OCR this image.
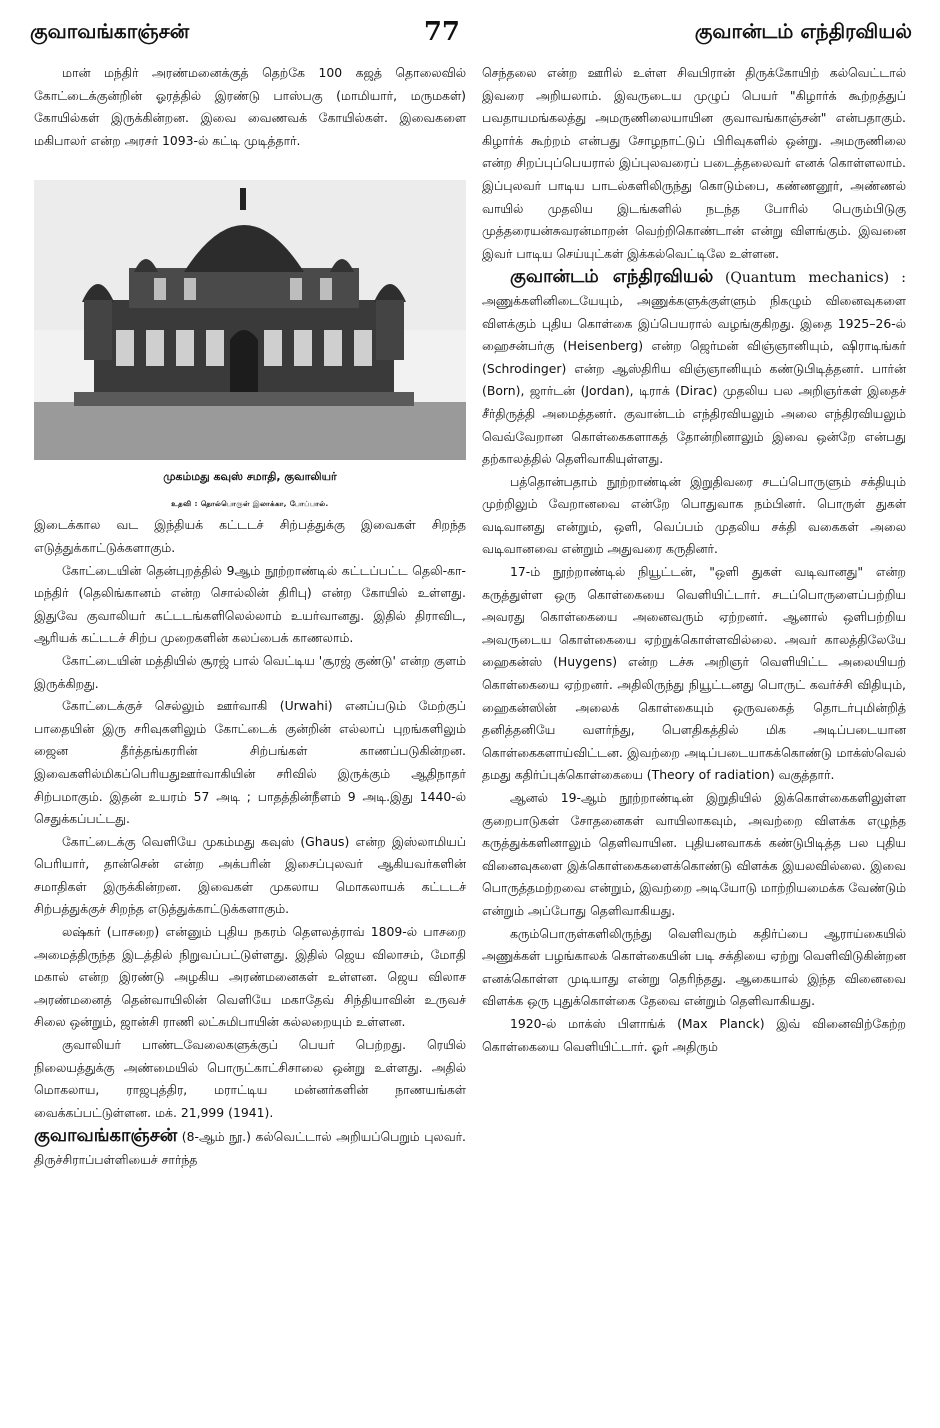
குவாவங்காஞ்சன்	77	குவான்டம் எந்திரவியல்

மான் மந்திர் அரண்மனைக்குத் தெற்கே 100 கஜத் தொலைவில் கோட்டைக்குன்றின் ஓரத்தில் இரண்டு பாஸ்பகு (மாமியார், மருமகள்) கோயில்கள் இருக்கின்றன. இவை வைணவக் கோயில்கள். இவைகளை மகிபாலர் என்ற அரசர் 1093-ல் கட்டி முடித்தார்.

முகம்மது கவுஸ் சமாதி, குவாலியர்
உதவி : தொல்பொருள் இலாக்கா, போப்பால்.

இடைக்கால வட இந்தியக் கட்டடச் சிற்பத்துக்கு இவைகள் சிறந்த எடுத்துக்காட்டுக்களாகும்.

கோட்டையின் தென்புறத்தில் 9ஆம் நூற்றாண்டில் கட்டப்பட்ட தெலி-கா-மந்திர் (தெலிங்கானம் என்ற சொல்லின் திரிபு) என்ற கோயில் உள்ளது. இதுவே குவாலியர் கட்டடங்களிலெல்லாம் உயர்வானது. இதில் திராவிட, ஆரியக் கட்டடச் சிற்ப முறைகளின் கலப்பைக் காணலாம்.

கோட்டையின் மத்தியில் சூரஜ் பால் வெட்டிய 'சூரஜ் குண்டு' என்ற குளம் இருக்கிறது.

கோட்டைக்குச் செல்லும் ஊர்வாகி (Urwahi) எனப்படும் மேற்குப் பாதையின் இரு சரிவுகளிலும் கோட்டைக் குன்றின் எல்லாப் புறங்களிலும் ஜைன தீர்த்தங்கரரின் சிற்பங்கள் காணப்படுகின்றன. இவைகளில்மிகப்பெரியதுஊர்வாகியின் சரிவில் இருக்கும் ஆதிநாதர் சிற்பமாகும். இதன் உயரம் 57 அடி ; பாதத்தின்நீளம் 9 அடி.இது 1440-ல் செதுக்கப்பட்டது.

கோட்டைக்கு வெளியே முகம்மது கவுஸ் (Ghaus) என்ற இஸ்லாமியப் பெரியார், தான்சென் என்ற அக்பரின் இசைப்புலவர் ஆகியவர்களின் சமாதிகள் இருக்கின்றன. இவைகள் முகலாய மொகலாயக் கட்டடச் சிற்பத்துக்குச் சிறந்த எடுத்துக்காட்டுக்களாகும்.

லஷ்கர் (பாசறை) என்னும் புதிய நகரம் தௌலத்ராவ் 1809-ல் பாசறை அமைத்திருந்த இடத்தில் நிறுவப்பட்டுள்ளது. இதில் ஜெய விலாசம், மோதி மகால் என்ற இரண்டு அழகிய அரண்மனைகள் உள்ளன. ஜெய விலாச அரண்மனைத் தென்வாயிலின் வெளியே மகாதேவ் சிந்தியாவின் உருவச் சிலை ஒன்றும், ஜான்சி ராணி லட்சுமிபாயின் கல்லறையும் உள்ளன.

குவாலியர் பாண்டவேலைகளுக்குப் பெயர் பெற்றது. ரெயில் நிலையத்துக்கு அண்மையில் பொருட்காட்சிசாலை ஒன்று உள்ளது. அதில் மொகலாய, ராஜபுத்திர, மராட்டிய மன்னர்களின் நாணயங்கள் வைக்கப்பட்டுள்ளன. மக். 21,999 (1941).

குவாவங்காஞ்சன் (8-ஆம் நூ.) கல்வெட்டால் அறியப்பெறும் புலவர். திருச்சிராப்பள்ளியைச் சார்ந்த

செந்தலை என்ற ஊரில் உள்ள சிவபிரான் திருக்கோயிற் கல்வெட்டால் இவரை அறியலாம். இவருடைய முழுப் பெயர் "கிழார்க் கூற்றத்துப் பவதாயமங்கலத்து அமருணிலையாயின குவாவங்காஞ்சன்" என்பதாகும். கிழார்க் கூற்றம் என்பது சோழநாட்டுப் பிரிவுகளில் ஒன்று. அமருணிலை என்ற சிறப்புப்பெயரால் இப்புலவரைப் படைத்தலைவர் எனக் கொள்ளலாம். இப்புலவர் பாடிய பாடல்களிலிருந்து கொடும்பை, கண்ணனூர், அண்ணல் வாயில் முதலிய இடங்களில் நடந்த போரில் பெரும்பிடுகு முத்தரையன்சுவரன்மாறன் வெற்றிகொண்டான் என்று விளங்கும். இவனை இவர் பாடிய செய்யுட்கள் இக்கல்வெட்டிலே உள்ளன.

குவான்டம் எந்திரவியல் (Quantum mechanics) : அணுக்களினிடையேயும், அணுக்களுக்குள்ளும் நிகழும் வினைவுகளை விளக்கும் புதிய கொள்கை இப்பெயரால் வழங்குகிறது. இதை 1925–26-ல் ஹைசன்பர்கு (Heisenberg) என்ற ஜெர்மன் விஞ்ஞானியும், ஷிராடிங்கர் (Schrodinger) என்ற ஆஸ்திரிய விஞ்ஞானியும் கண்டுபிடித்தனர். பார்ன் (Born), ஜார்டன் (Jordan), டிராக் (Dirac) முதலிய பல அறிஞர்கள் இதைச் சீர்திருத்தி அமைத்தனர். குவான்டம் எந்திரவியலும் அலை எந்திரவியலும் வெவ்வேறான கொள்கைகளாகத் தோன்றினாலும் இவை ஒன்றே என்பது தற்காலத்தில் தெளிவாகியுள்ளது.

பத்தொன்பதாம் நூற்றாண்டின் இறுதிவரை சடப்பொருளும் சக்தியும் முற்றிலும் வேறானவை என்றே பொதுவாக நம்பினர். பொருள் துகள் வடிவானது என்றும், ஒளி, வெப்பம் முதலிய சக்தி வகைகள் அலை வடிவானவை என்றும் அதுவரை கருதினர்.

17-ம் நூற்றாண்டில் நியூட்டன், "ஒளி துகள் வடிவானது" என்ற கருத்துள்ள ஒரு கொள்கையை வெளியிட்டார். சடப்பொருளைப்பற்றிய அவரது கொள்கையை அனைவரும் ஏற்றனர். ஆனால் ஒளிபற்றிய அவருடைய கொள்கையை ஏற்றுக்கொள்ளவில்லை. அவர் காலத்திலேயே ஹைகன்ஸ் (Huygens) என்ற டச்சு அறிஞர் வெளியிட்ட அலையியற் கொள்கையை ஏற்றனர். அதிலிருந்து நியூட்டனது பொருட் கவர்ச்சி விதியும், ஹைகன்ஸின் அலைக் கொள்கையும் ஒருவகைத் தொடர்புமின்றித் தனித்தனியே வளர்ந்து, பௌதிகத்தில் மிக அடிப்படையான கொள்கைகளாய்விட்டன. இவற்றை அடிப்படையாகக்கொண்டு மாக்ஸ்வெல் தமது கதிர்ப்புக்கொள்கையை (Theory of radiation) வகுத்தார்.

ஆனல் 19-ஆம் நூற்றாண்டின் இறுதியில் இக்கொள்கைகளிலுள்ள குறைபாடுகள் சோதனைகள் வாயிலாகவும், அவற்றை விளக்க எழுந்த கருத்துக்களினாலும் தெளிவாயின. புதியனவாகக் கண்டுபிடித்த பல புதிய வினைவுகளை இக்கொள்கைகளைக்கொண்டு விளக்க இயலவில்லை. இவை பொருத்தமற்றவை என்றும், இவற்றை அடியோடு மாற்றியமைக்க வேண்டும் என்றும் அப்போது தெளிவாகியது.

கரும்பொருள்களிலிருந்து வெளிவரும் கதிர்ப்பை ஆராய்கையில் அணுக்கள் பழங்காலக் கொள்கையின் படி சக்தியை ஏற்று வெளிவிடுகின்றன எனக்கொள்ள முடியாது என்று தெரிந்தது. ஆகையால் இந்த வினைவை விளக்க ஒரு புதுக்கொள்கை தேவை என்றும் தெளிவாகியது.

1920-ல் மாக்ஸ் பிளாங்க் (Max Planck) இவ் வினைவிற்கேற்ற கொள்கையை வெளியிட்டார். ஓர் அதிரும்
